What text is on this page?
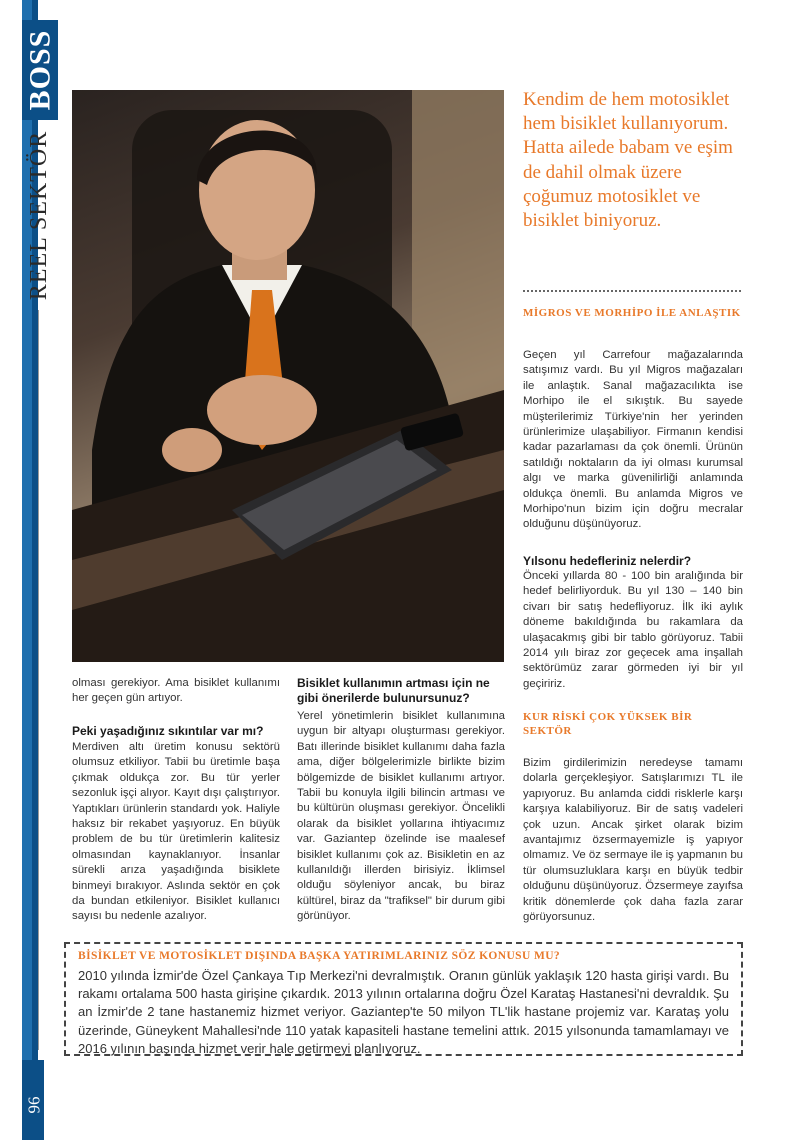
BOSS
REEL SEKTÖR
96
Kendim de hem motosiklet hem bisiklet kullanıyorum. Hatta ailede babam ve eşim de dahil olmak üzere çoğumuz motosiklet ve bisiklet biniyoruz.

MİGROS VE MORHİPO İLE ANLAŞTIK

Geçen yıl Carrefour mağazalarında satışımız vardı. Bu yıl Migros mağazaları ile anlaştık. Sanal mağazacılıkta ise Morhipo ile el sıkıştık. Bu sayede müşterilerimiz Türkiye'nin her yerinden ürünlerimize ulaşabiliyor. Firmanın kendisi kadar pazarlaması da çok önemli. Ürünün satıldığı noktaların da iyi olması kurumsal algı ve marka güvenilirliği anlamında oldukça önemli. Bu anlamda Migros ve Morhipo'nun bizim için doğru mecralar olduğunu düşünüyoruz.

Yılsonu hedefleriniz nelerdir?

Önceki yıllarda 80 - 100 bin aralığında bir hedef belirliyorduk. Bu yıl 130 – 140 bin civarı bir satış hedefliyoruz. İlk iki aylık döneme bakıldığında bu rakamlara da ulaşacakmış gibi bir tablo görüyoruz. Tabii 2014 yılı biraz zor geçecek ama inşallah sektörümüz zarar görmeden iyi bir yıl geçiririz.

KUR RİSKİ ÇOK YÜKSEK BİR SEKTÖR

Bizim girdilerimizin neredeyse tamamı dolarla gerçekleşiyor. Satışlarımızı TL ile yapıyoruz. Bu anlamda ciddi risklerle karşı karşıya kalabiliyoruz. Bir de satış vadeleri çok uzun. Ancak şirket olarak bizim avantajımız özsermayemizle iş yapıyor olmamız. Ve öz sermaye ile iş yapmanın bu tür olumsuzluklara karşı en büyük tedbir olduğunu düşünüyoruz. Özsermeye zayıfsa kritik dönemlerde çok daha fazla zarar görüyorsunuz.
olması gerekiyor. Ama bisiklet kullanımı her geçen gün artıyor.

Peki yaşadığınız sıkıntılar var mı?

Merdiven altı üretim konusu sektörü olumsuz etkiliyor. Tabii bu üretimle başa çıkmak oldukça zor. Bu tür yerler sezonluk işçi alıyor. Kayıt dışı çalıştırıyor. Yaptıkları ürünlerin standardı yok. Haliyle haksız bir rekabet yaşıyoruz. En büyük problem de bu tür üretimlerin kalitesiz olmasından kaynaklanıyor. İnsanlar sürekli arıza yaşadığında bisiklete binmeyi bırakıyor. Aslında sektör en çok da bundan etkileniyor. Bisiklet kullanıcı sayısı bu nedenle azalıyor.

Bisiklet kullanımın artması için ne gibi önerilerde bulunursunuz?

Yerel yönetimlerin bisiklet kullanımına uygun bir altyapı oluşturması gerekiyor. Batı illerinde bisiklet kullanımı daha fazla ama, diğer bölgelerimizle birlikte bizim bölgemizde de bisiklet kullanımı artıyor. Tabii bu konuyla ilgili bilincin artması ve bu kültürün oluşması gerekiyor. Öncelikli olarak da bisiklet yollarına ihtiyacımız var. Gaziantep özelinde ise maalesef bisiklet kullanımı çok az. Bisikletin en az kullanıldığı illerden birisiyiz. İklimsel olduğu söyleniyor ancak, bu biraz kültürel, biraz da "trafiksel" bir durum gibi görünüyor.
BİSİKLET VE MOTOSİKLET DIŞINDA BAŞKA YATIRIMLARINIZ SÖZ KONUSU MU?
2010 yılında İzmir'de Özel Çankaya Tıp Merkezi'ni devralmıştık. Oranın günlük yaklaşık 120 hasta girişi vardı. Bu rakamı ortalama 500 hasta girişine çıkardık. 2013 yılının ortalarına doğru Özel Karataş Hastanesi'ni devraldık. Şu an İzmir'de 2 tane hastanemiz hizmet veriyor. Gaziantep'te 50 milyon TL'lik hastane projemiz var. Karataş yolu üzerinde, Güneykent Mahallesi'nde 110 yatak kapasiteli hastane temelini attık. 2015 yılsonunda tamamlamayı ve 2016 yılının başında hizmet verir hale getirmeyi planlıyoruz.
